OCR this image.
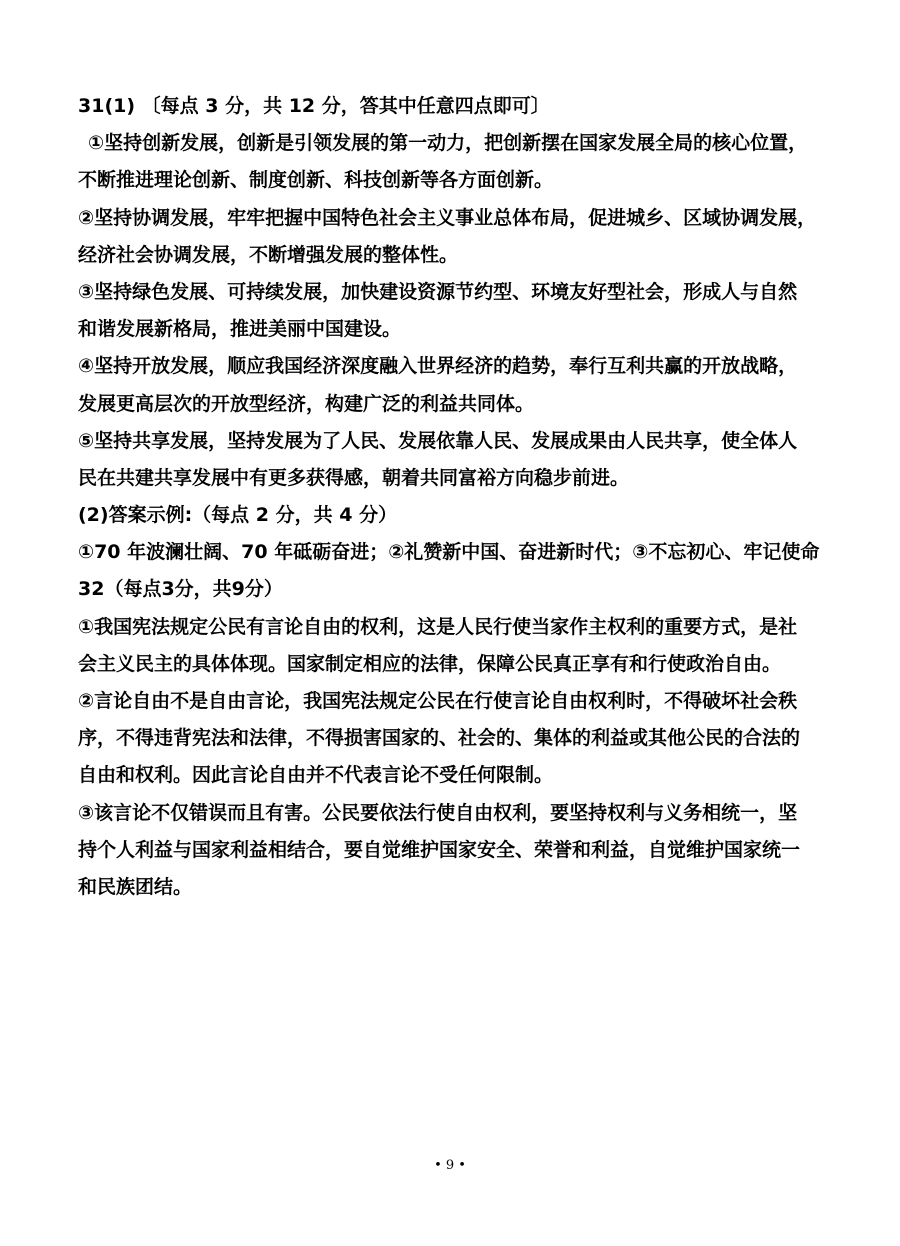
31(1) 〔每点 3 分，共 12 分，答其中任意四点即可〕
①坚持创新发展，创新是引领发展的第一动力，把创新摆在国家发展全局的核心位置，
不断推进理论创新、制度创新、科技创新等各方面创新。
②坚持协调发展，牢牢把握中国特色社会主义事业总体布局，促进城乡、区域协调发展，
经济社会协调发展，不断增强发展的整体性。
③坚持绿色发展、可持续发展，加快建设资源节约型、环境友好型社会，形成人与自然
和谐发展新格局，推进美丽中国建设。
④坚持开放发展，顺应我国经济深度融入世界经济的趋势，奉行互利共赢的开放战略，
发展更高层次的开放型经济，构建广泛的利益共同体。
⑤坚持共享发展，坚持发展为了人民、发展依靠人民、发展成果由人民共享，使全体人
民在共建共享发展中有更多获得感，朝着共同富裕方向稳步前进。
(2)答案示例:（每点 2 分，共 4 分）
①70 年波澜壮阔、70 年砥砺奋进；②礼赞新中国、奋进新时代；③不忘初心、牢记使命
32（每点3分，共9分）
①我国宪法规定公民有言论自由的权利，这是人民行使当家作主权利的重要方式，是社
会主义民主的具体体现。国家制定相应的法律，保障公民真正享有和行使政治自由。
②言论自由不是自由言论，我国宪法规定公民在行使言论自由权利时，不得破坏社会秩
序，不得违背宪法和法律，不得损害国家的、社会的、集体的利益或其他公民的合法的
自由和权利。因此言论自由并不代表言论不受任何限制。
③该言论不仅错误而且有害。公民要依法行使自由权利，要坚持权利与义务相统一，坚
持个人利益与国家利益相结合，要自觉维护国家安全、荣誉和利益，自觉维护国家统一
和民族团结。
• 9 •
